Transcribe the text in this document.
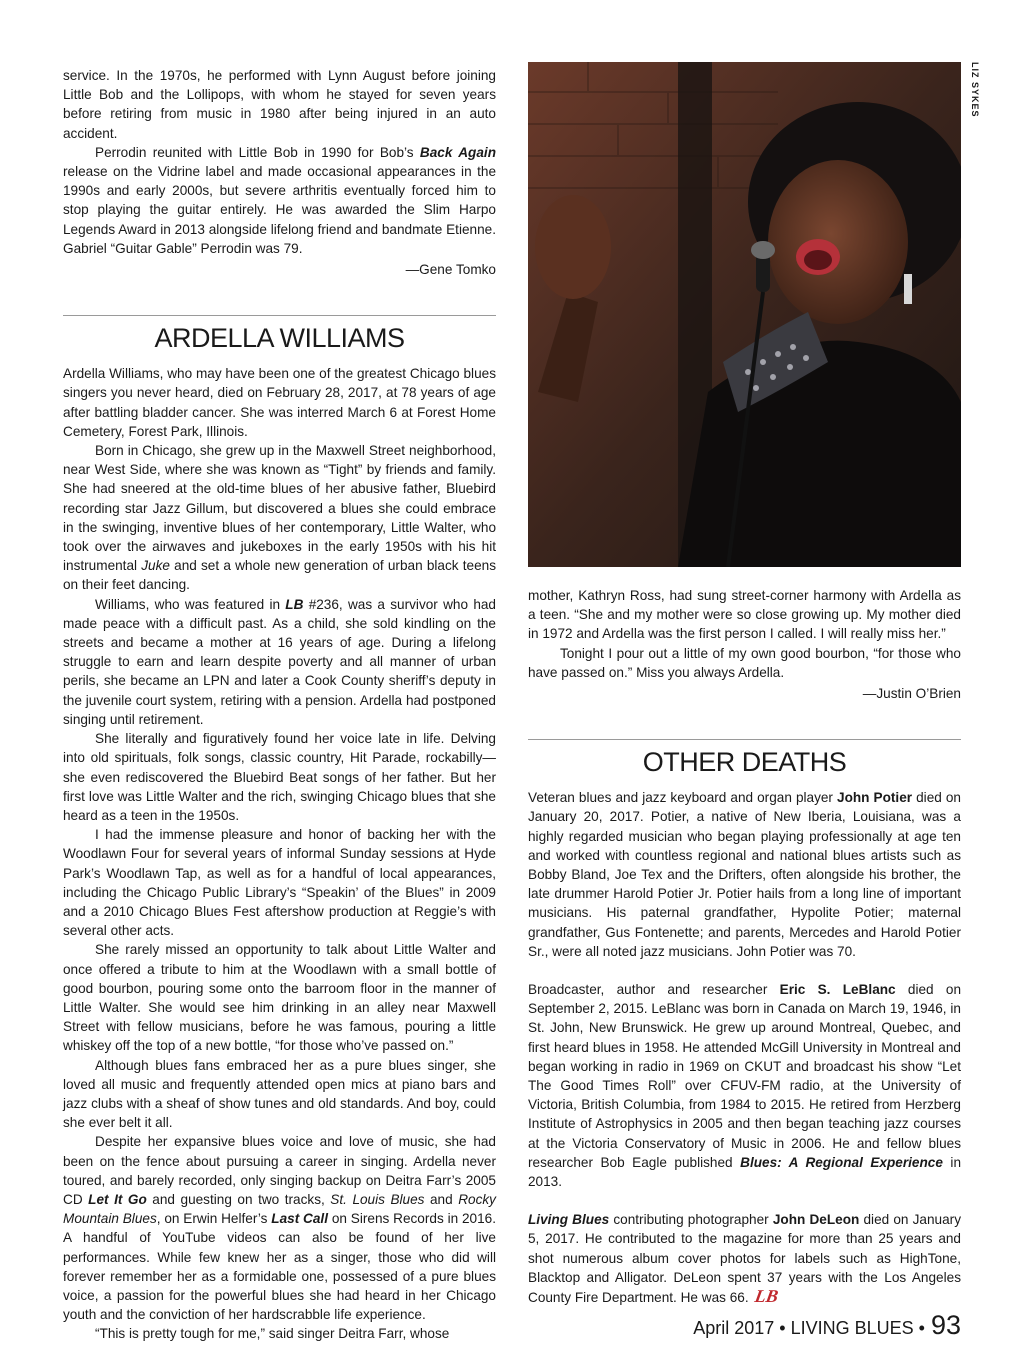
service. In the 1970s, he performed with Lynn August before joining Little Bob and the Lollipops, with whom he stayed for seven years before retiring from music in 1980 after being injured in an auto accident.

Perrodin reunited with Little Bob in 1990 for Bob’s Back Again release on the Vidrine label and made occasional appearances in the 1990s and early 2000s, but severe arthritis eventually forced him to stop playing the guitar entirely. He was awarded the Slim Harpo Legends Award in 2013 alongside lifelong friend and bandmate Etienne. Gabriel “Guitar Gable” Perrodin was 79.

—Gene Tomko

ARDELLA WILLIAMS

Ardella Williams, who may have been one of the greatest Chicago blues singers you never heard, died on February 28, 2017, at 78 years of age after battling bladder cancer. She was interred March 6 at Forest Home Cemetery, Forest Park, Illinois.

Born in Chicago, she grew up in the Maxwell Street neighborhood, near West Side, where she was known as “Tight” by friends and family. She had sneered at the old-time blues of her abusive father, Bluebird recording star Jazz Gillum, but discovered a blues she could embrace in the swinging, inventive blues of her contemporary, Little Walter, who took over the airwaves and jukeboxes in the early 1950s with his hit instrumental Juke and set a whole new generation of urban black teens on their feet dancing.

Williams, who was featured in LB #236, was a survivor who had made peace with a difficult past. As a child, she sold kindling on the streets and became a mother at 16 years of age. During a lifelong struggle to earn and learn despite poverty and all manner of urban perils, she became an LPN and later a Cook County sheriff’s deputy in the juvenile court system, retiring with a pension. Ardella had postponed singing until retirement.

She literally and figuratively found her voice late in life. Delving into old spirituals, folk songs, classic country, Hit Parade, rockabilly—she even rediscovered the Bluebird Beat songs of her father. But her first love was Little Walter and the rich, swinging Chicago blues that she heard as a teen in the 1950s.

I had the immense pleasure and honor of backing her with the Woodlawn Four for several years of informal Sunday sessions at Hyde Park’s Woodlawn Tap, as well as for a handful of local appearances, including the Chicago Public Library’s “Speakin’ of the Blues” in 2009 and a 2010 Chicago Blues Fest aftershow production at Reggie’s with several other acts.

She rarely missed an opportunity to talk about Little Walter and once offered a tribute to him at the Woodlawn with a small bottle of good bourbon, pouring some onto the barroom floor in the manner of Little Walter. She would see him drinking in an alley near Maxwell Street with fellow musicians, before he was famous, pouring a little whiskey off the top of a new bottle, “for those who’ve passed on.”

Although blues fans embraced her as a pure blues singer, she loved all music and frequently attended open mics at piano bars and jazz clubs with a sheaf of show tunes and old standards. And boy, could she ever belt it all.

Despite her expansive blues voice and love of music, she had been on the fence about pursuing a career in singing. Ardella never toured, and barely recorded, only singing backup on Deitra Farr’s 2005 CD Let It Go and guesting on two tracks, St. Louis Blues and Rocky Mountain Blues, on Erwin Helfer’s Last Call on Sirens Records in 2016. A handful of YouTube videos can also be found of her live performances. While few knew her as a singer, those who did will forever remember her as a formidable one, possessed of a pure blues voice, a passion for the powerful blues she had heard in her Chicago youth and the conviction of her hardscrabble life experience.

“This is pretty tough for me,” said singer Deitra Farr, whose

LIZ SYKES

mother, Kathryn Ross, had sung street-corner harmony with Ardella as a teen. “She and my mother were so close growing up. My mother died in 1972 and Ardella was the first person I called. I will really miss her.”

Tonight I pour out a little of my own good bourbon, “for those who have passed on.” Miss you always Ardella.

—Justin O’Brien

OTHER DEATHS

Veteran blues and jazz keyboard and organ player John Potier died on January 20, 2017. Potier, a native of New Iberia, Louisiana, was a highly regarded musician who began playing professionally at age ten and worked with countless regional and national blues artists such as Bobby Bland, Joe Tex and the Drifters, often alongside his brother, the late drummer Harold Potier Jr. Potier hails from a long line of important musicians. His paternal grandfather, Hypolite Potier; maternal grandfather, Gus Fontenette; and parents, Mercedes and Harold Potier Sr., were all noted jazz musicians. John Potier was 70.

Broadcaster, author and researcher Eric S. LeBlanc died on September 2, 2015. LeBlanc was born in Canada on March 19, 1946, in St. John, New Brunswick. He grew up around Montreal, Quebec, and first heard blues in 1958. He attended McGill University in Montreal and began working in radio in 1969 on CKUT and broadcast his show “Let The Good Times Roll” over CFUV-FM radio, at the University of Victoria, British Columbia, from 1984 to 2015. He retired from Herzberg Institute of Astrophysics in 2005 and then began teaching jazz courses at the Victoria Conservatory of Music in 2006. He and fellow blues researcher Bob Eagle published Blues: A Regional Experience in 2013.

Living Blues contributing photographer John DeLeon died on January 5, 2017. He contributed to the magazine for more than 25 years and shot numerous album cover photos for labels such as HighTone, Blacktop and Alligator. DeLeon spent 37 years with the Los Angeles County Fire Department. He was 66. LB

April 2017 • LIVING BLUES • 93
